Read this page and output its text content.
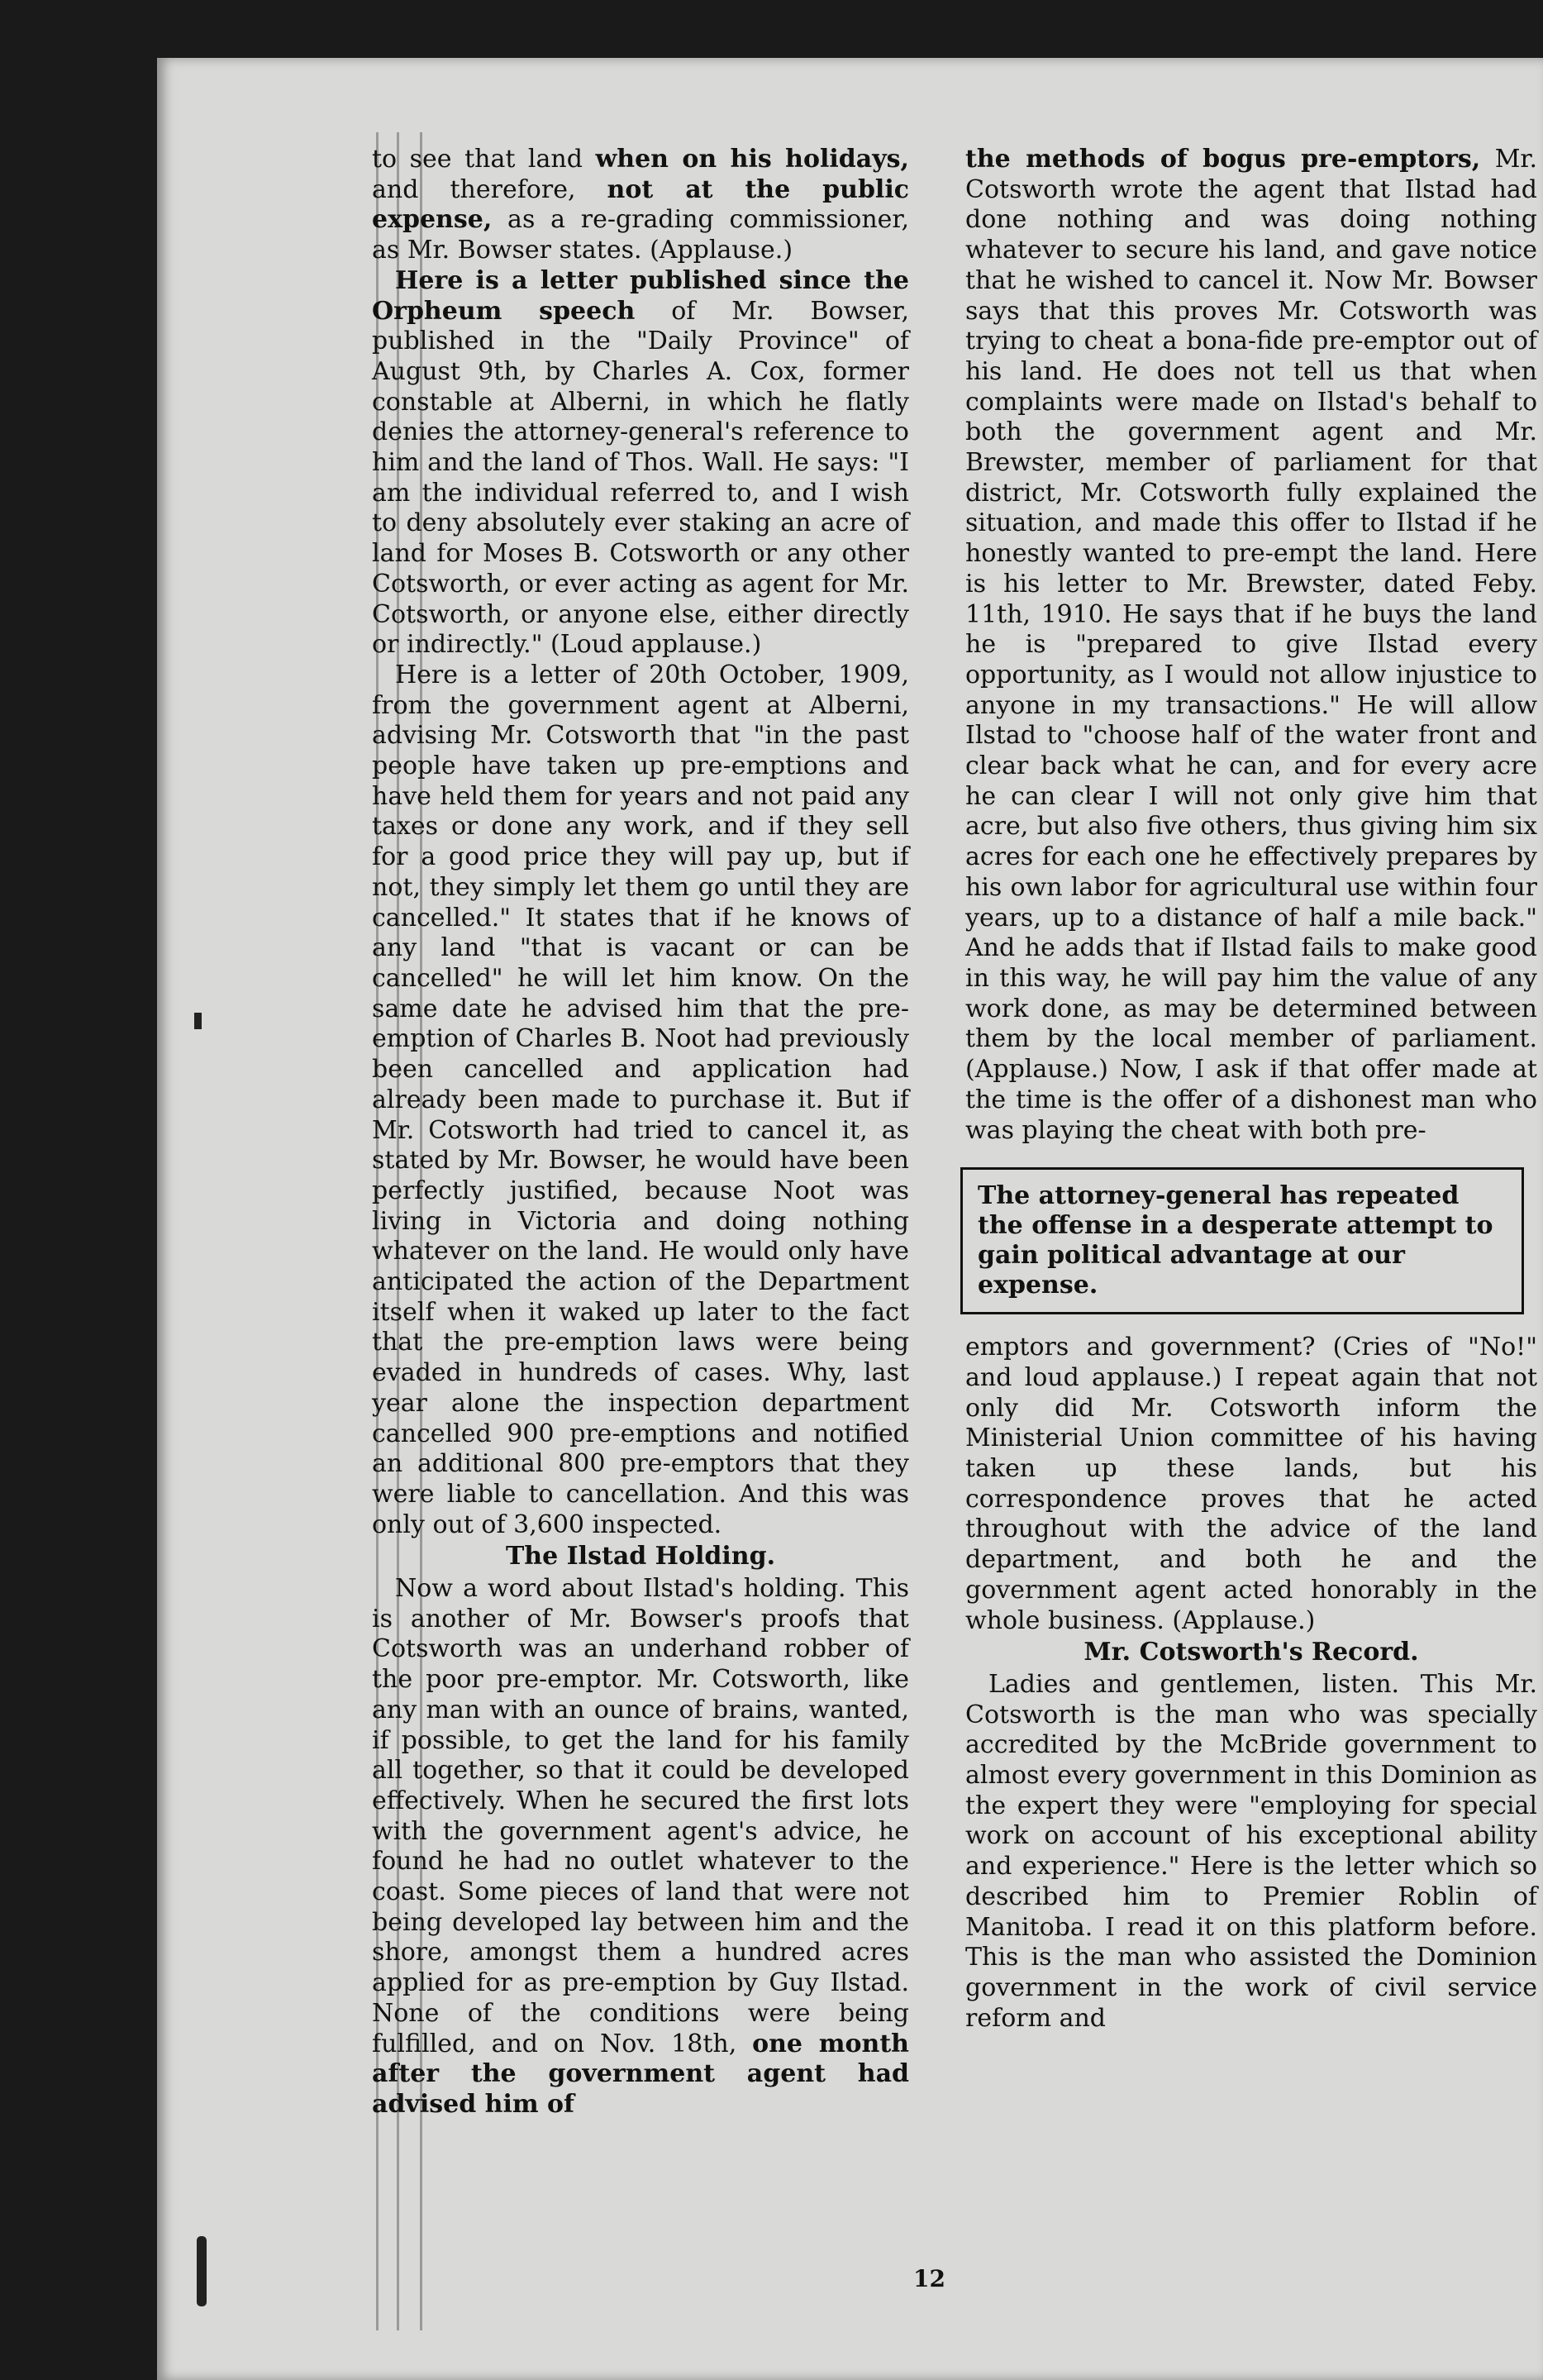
to see that land when on his holidays, and therefore, not at the public expense, as a re-grading commissioner, as Mr. Bowser states. (Applause.)

Here is a letter published since the Orpheum speech of Mr. Bowser, published in the "Daily Province" of August 9th, by Charles A. Cox, former constable at Alberni, in which he flatly denies the attorney-general's reference to him and the land of Thos. Wall. He says: "I am the individual referred to, and I wish to deny absolutely ever staking an acre of land for Moses B. Cotsworth or any other Cotsworth, or ever acting as agent for Mr. Cotsworth, or anyone else, either directly or indirectly." (Loud applause.)

Here is a letter of 20th October, 1909, from the government agent at Alberni, advising Mr. Cotsworth that "in the past people have taken up pre-emptions and have held them for years and not paid any taxes or done any work, and if they sell for a good price they will pay up, but if not, they simply let them go until they are cancelled." It states that if he knows of any land "that is vacant or can be cancelled" he will let him know. On the same date he advised him that the pre-emption of Charles B. Noot had previously been cancelled and application had already been made to purchase it. But if Mr. Cotsworth had tried to cancel it, as stated by Mr. Bowser, he would have been perfectly justified, because Noot was living in Victoria and doing nothing whatever on the land. He would only have anticipated the action of the Department itself when it waked up later to the fact that the pre-emption laws were being evaded in hundreds of cases. Why, last year alone the inspection department cancelled 900 pre-emptions and notified an additional 800 pre-emptors that they were liable to cancellation. And this was only out of 3,600 inspected.

The Ilstad Holding.

Now a word about Ilstad's holding. This is another of Mr. Bowser's proofs that Cotsworth was an underhand robber of the poor pre-emptor. Mr. Cotsworth, like any man with an ounce of brains, wanted, if possible, to get the land for his family all together, so that it could be developed effectively. When he secured the first lots with the government agent's advice, he found he had no outlet whatever to the coast. Some pieces of land that were not being developed lay between him and the shore, amongst them a hundred acres applied for as pre-emption by Guy Ilstad. None of the conditions were being fulfilled, and on Nov. 18th, one month after the government agent had advised him of

the methods of bogus pre-emptors, Mr. Cotsworth wrote the agent that Ilstad had done nothing and was doing nothing whatever to secure his land, and gave notice that he wished to cancel it. Now Mr. Bowser says that this proves Mr. Cotsworth was trying to cheat a bona-fide pre-emptor out of his land. He does not tell us that when complaints were made on Ilstad's behalf to both the government agent and Mr. Brewster, member of parliament for that district, Mr. Cotsworth fully explained the situation, and made this offer to Ilstad if he honestly wanted to pre-empt the land. Here is his letter to Mr. Brewster, dated Feby. 11th, 1910. He says that if he buys the land he is "prepared to give Ilstad every opportunity, as I would not allow injustice to anyone in my transactions." He will allow Ilstad to "choose half of the water front and clear back what he can, and for every acre he can clear I will not only give him that acre, but also five others, thus giving him six acres for each one he effectively prepares by his own labor for agricultural use within four years, up to a distance of half a mile back." And he adds that if Ilstad fails to make good in this way, he will pay him the value of any work done, as may be determined between them by the local member of parliament. (Applause.) Now, I ask if that offer made at the time is the offer of a dishonest man who was playing the cheat with both pre-

The attorney-general has repeated the offense in a desperate attempt to gain political advantage at our expense.

emptors and government? (Cries of "No!" and loud applause.) I repeat again that not only did Mr. Cotsworth inform the Ministerial Union committee of his having taken up these lands, but his correspondence proves that he acted throughout with the advice of the land department, and both he and the government agent acted honorably in the whole business. (Applause.)

Mr. Cotsworth's Record.

Ladies and gentlemen, listen. This Mr. Cotsworth is the man who was specially accredited by the McBride government to almost every government in this Dominion as the expert they were "employing for special work on account of his exceptional ability and experience." Here is the letter which so described him to Premier Roblin of Manitoba. I read it on this platform before. This is the man who assisted the Dominion government in the work of civil service reform and

12
